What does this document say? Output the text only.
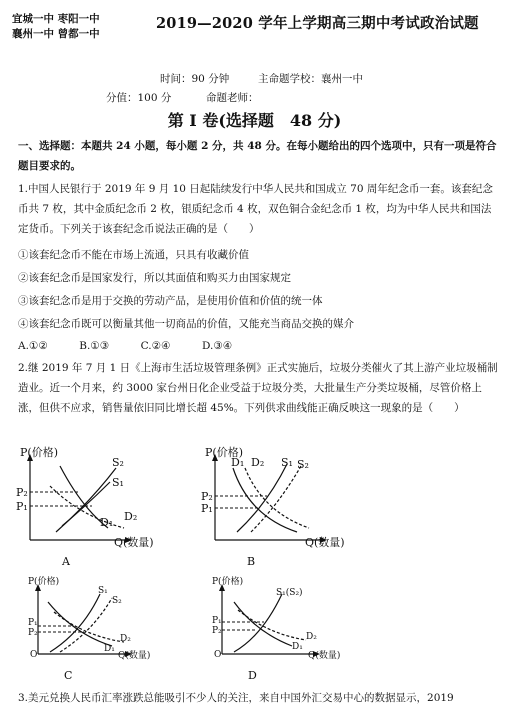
宜城一中 枣阳一中
襄州一中 曾都一中
2019—2020 学年上学期高三期中考试政治试题
时间：90 分钟	主命题学校：襄州一中
分值：100 分	命题老师：
第 I 卷(选择题　48 分)
一、选择题：本题共 24 小题，每小题 2 分，共 48 分。在每小题给出的四个选项中，只有一项是符合题目要求的。
1.中国人民银行于 2019 年 9 月 10 日起陆续发行中华人民共和国成立 70 周年纪念币一套。该套纪念币共 7 枚，其中金质纪念币 2 枚，银质纪念币 4 枚，双色铜合金纪念币 1 枚，均为中华人民共和国法定货币。下列关于该套纪念币说法正确的是（　　）
①该套纪念币不能在市场上流通，只具有收藏价值
②该套纪念币是国家发行，所以其面值和购买力由国家规定
③该套纪念币是用于交换的劳动产品，是使用价值和价值的统一体
④该套纪念币既可以衡量其他一切商品的价值，又能充当商品交换的媒介
A.①②　　　B.①③　　　C.②④　　　D.③④
2.继 2019 年 7 月 1 日《上海市生活垃圾管理条例》正式实施后，垃圾分类催火了其上游产业垃圾桶制造业。近一个月来，约 3000 家台州日化企业受益于垃圾分类，大批量生产分类垃圾桶，尽管价格上涨，但供不应求，销售量依旧同比增长超 45%。下列供求曲线能正确反映这一现象的是（　　）
P(价格)
Q(数量)
S₂
S₁
P₂
P₁
D₁ D₂
A
P(价格)
Q(数量)
D₁ D₂ S₁ S₂
P₂
P₁
B
P(价格)
Q(数量)
S₁
S₂
P₁
P₂
D₂
D₁
O
C
P(价格)
Q(数量)
S₁(S₂)
P₁
P₂
D₂
D₁
O
D
3.美元兑换人民币汇率涨跌总能吸引不少人的关注，来自中国外汇交易中心的数据显示，2019
